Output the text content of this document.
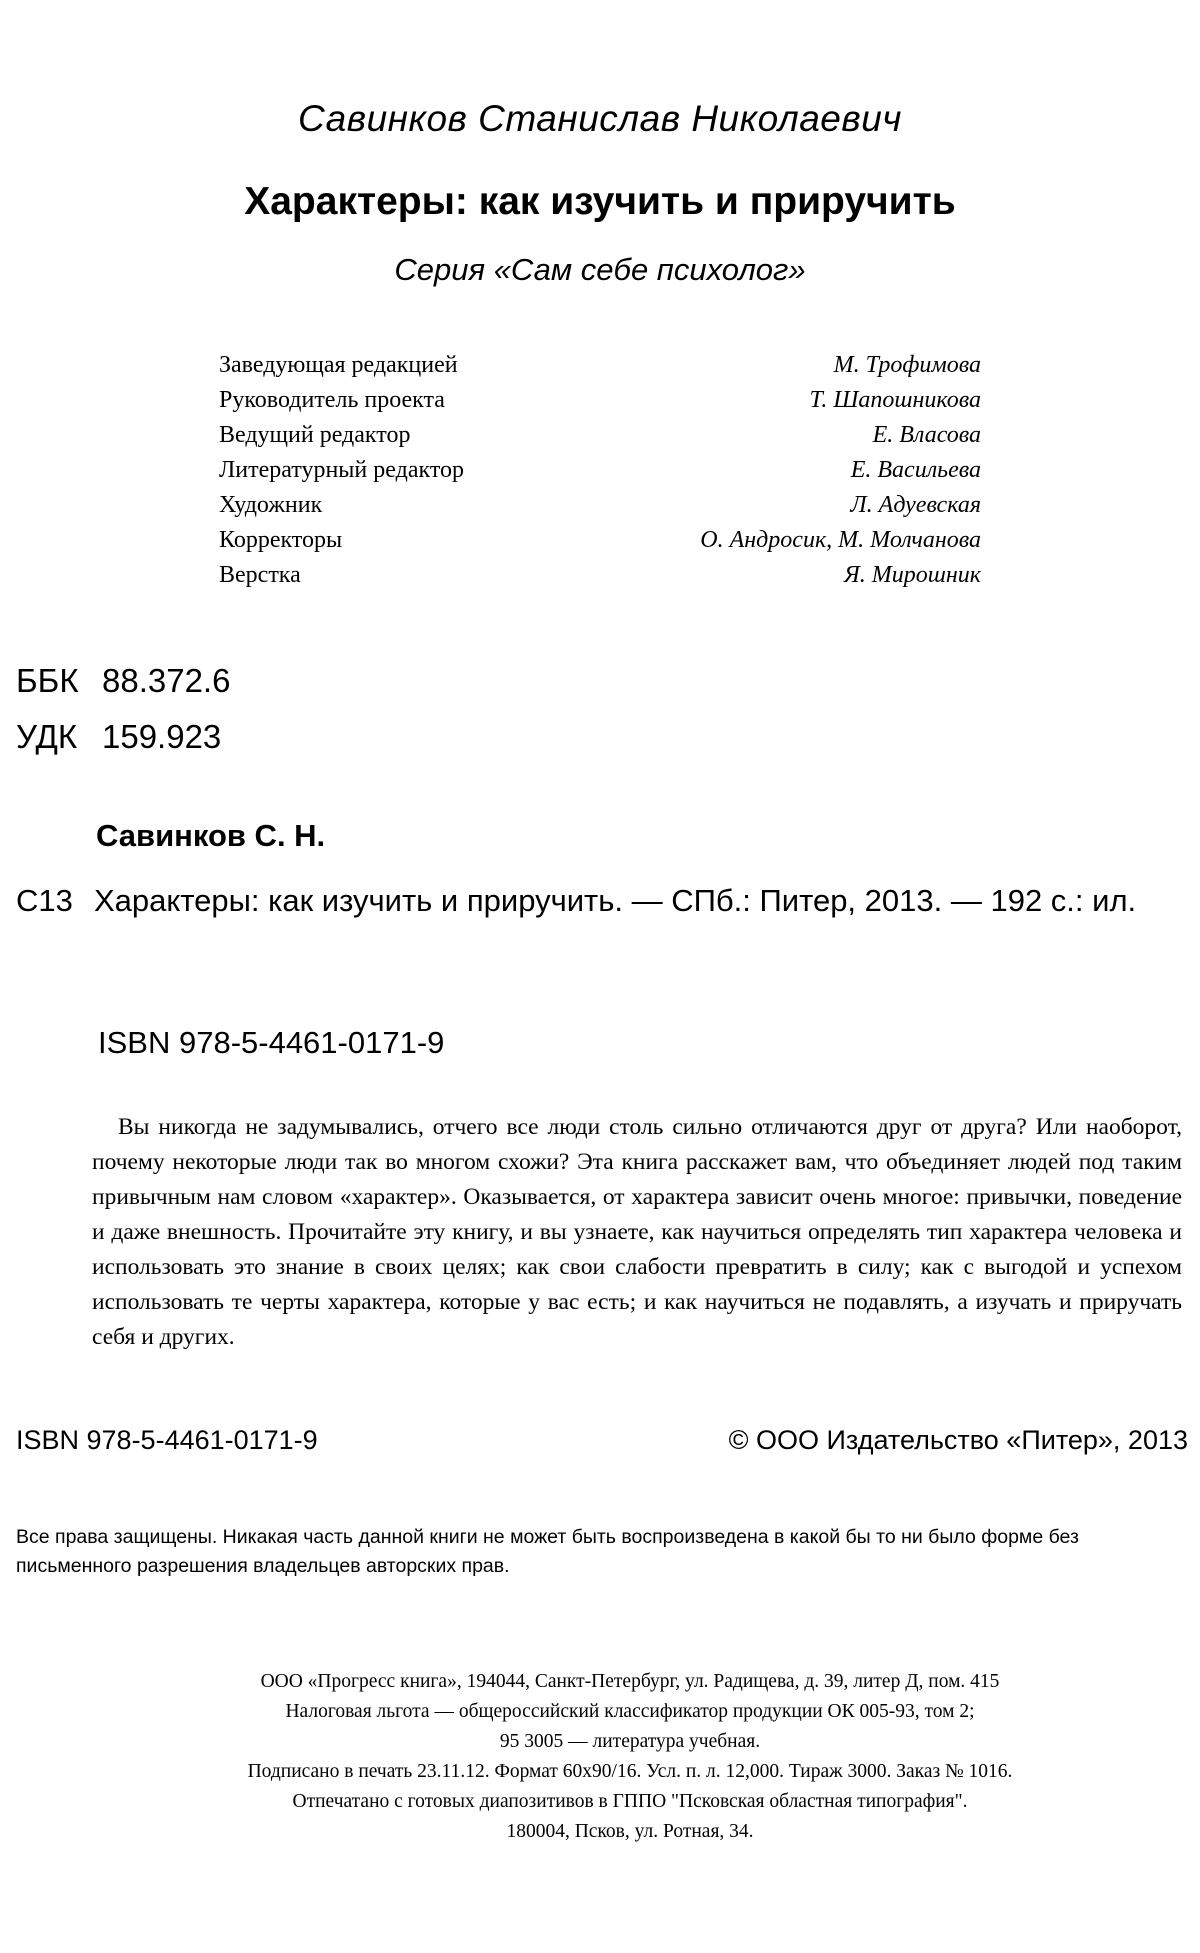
Савинков Станислав Николаевич
Характеры: как изучить и приручить
Серия «Сам себе психолог»
Заведующая редакцией	М. Трофимова
Руководитель проекта	Т. Шапошникова
Ведущий редактор	Е. Власова
Литературный редактор	Е. Васильева
Художник	Л. Адуевская
Корректоры	О. Андросик, М. Молчанова
Верстка	Я. Мирошник
ББК 88.372.6
УДК 159.923
Савинков С. Н.
С13 Характеры: как изучить и приручить. — СПб.: Питер, 2013. — 192 с.: ил.
ISBN 978-5-4461-0171-9
Вы никогда не задумывались, отчего все люди столь сильно отличаются друг от друга? Или наоборот, почему некоторые люди так во многом схожи? Эта книга расскажет вам, что объединяет людей под таким привычным нам словом «характер». Оказывается, от характера зависит очень многое: привычки, поведение и даже внешность. Прочитайте эту книгу, и вы узнаете, как научиться определять тип характера человека и использовать это знание в своих целях; как свои слабости превратить в силу; как с выгодой и успехом использовать те черты характера, которые у вас есть; и как научиться не подавлять, а изучать и приручать себя и других.
ISBN 978-5-4461-0171-9	© ООО Издательство «Питер», 2013
Все права защищены. Никакая часть данной книги не может быть воспроизведена в какой бы то ни было форме без письменного разрешения владельцев авторских прав.
ООО «Прогресс книга», 194044, Санкт-Петербург, ул. Радищева, д. 39, литер Д, пом. 415
Налоговая льгота — общероссийский классификатор продукции ОК 005-93, том 2;
95 3005 — литература учебная.
Подписано в печать 23.11.12. Формат 60x90/16. Усл. п. л. 12,000. Тираж 3000. Заказ № 1016.
Отпечатано с готовых диапозитивов в ГППО "Псковская областная типография".
180004, Псков, ул. Ротная, 34.
